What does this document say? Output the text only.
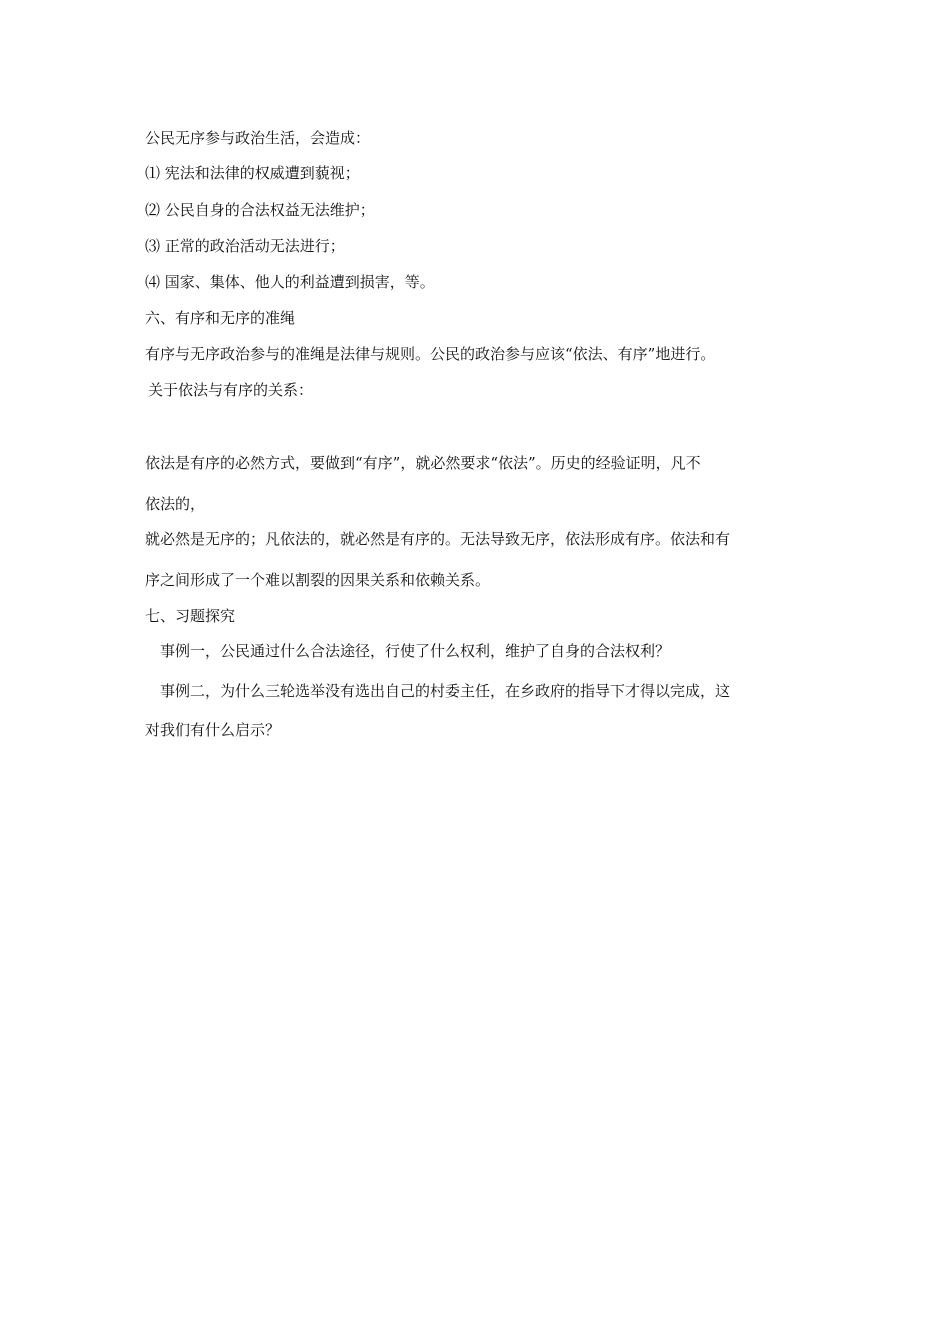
公民无序参与政治生活，会造成：
⑴ 宪法和法律的权威遭到藐视；
⑵ 公民自身的合法权益无法维护；
⑶ 正常的政治活动无法进行；
⑷ 国家、集体、他人的利益遭到损害，等。
六、有序和无序的准绳
有序与无序政治参与的准绳是法律与规则。公民的政治参与应该“依法、有序”地进行。
关于依法与有序的关系：
依法是有序的必然方式，要做到“有序”，就必然要求“依法”。历史的经验证明，凡不
依法的，
就必然是无序的；凡依法的，就必然是有序的。无法导致无序，依法形成有序。依法和有
序之间形成了一个难以割裂的因果关系和依赖关系。
七、习题探究
事例一，公民通过什么合法途径，行使了什么权利，维护了自身的合法权利？
事例二，为什么三轮选举没有选出自己的村委主任，在乡政府的指导下才得以完成，这
对我们有什么启示？
